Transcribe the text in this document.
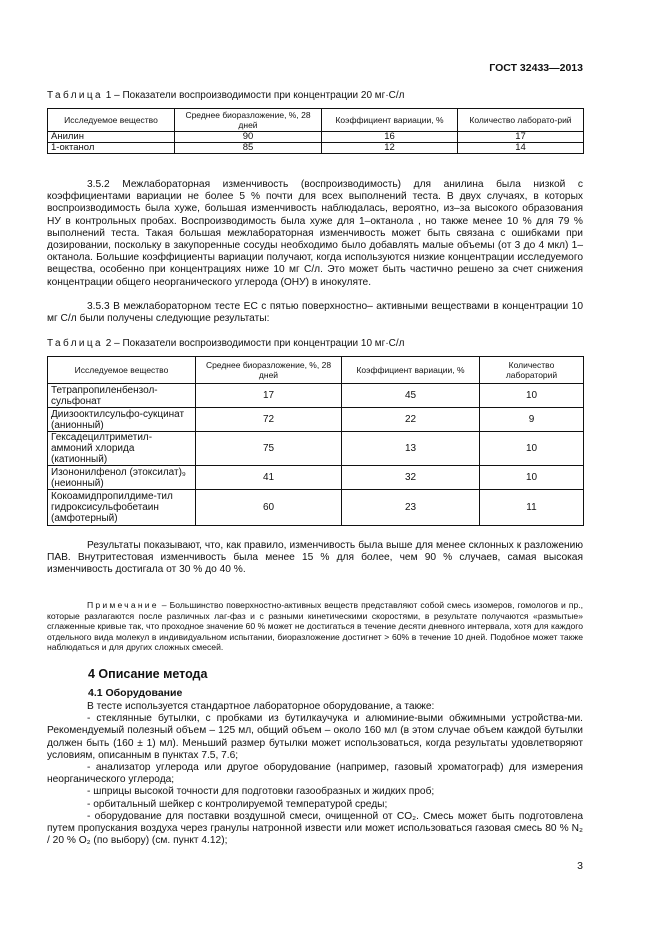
ГОСТ 32433—2013
Таблица 1 – Показатели воспроизводимости при концентрации 20 мг·С/л
Исследуемое вещество	Среднее биоразложение, %, 28 дней	Коэффициент вариации, %	Количество лаборато-рий
Анилин	90	16	17
1-октанол	85	12	14

3.5.2 Межлабораторная изменчивость (воспроизводимость) для анилина была низкой с коэффициентами вариации не более 5 % почти для всех выполнений теста. В двух случаях, в которых воспроизводимость была хуже, большая изменчивость наблюдалась, вероятно, из–за высокого образования НУ в контрольных пробах. Воспроизводимость была хуже для 1–октанола , но также менее 10 % для 79 % выполнений теста. Такая большая межлабораторная изменчивость может быть связана с ошибками при дозировании, поскольку в закупоренные сосуды необходимо было добавлять малые объемы (от 3 до 4 мкл) 1–октанола. Большие коэффициенты вариации получают, когда используются низкие концентрации исследуемого вещества, особенно при концентрациях ниже 10 мг С/л. Это может быть частично решено за счет снижения концентрации общего неорганического углерода (ОНУ) в инокуляте.

3.5.3 В межлабораторном тесте ЕС с пятью поверхностно– активными веществами в концентрации 10 мг С/л были получены следующие результаты:

Таблица 2 – Показатели воспроизводимости при концентрации 10 мг·С/л
Исследуемое вещество	Среднее биоразложение, %, 28 дней	Коэффициент вариации, %	Количество лабораторий
Тетрапропиленбензол-сульфонат	17	45	10
Диизооктилсульфо-сукцинат (анионный)	72	22	9
Гексадецилтриметил-аммоний хлорида (катионный)	75	13	10
Изононилфенол (этоксилат)₉ (неионный)	41	32	10
Кокоамидпропилдиме-тил гидроксисульфобетаин (амфотерный)	60	23	11

Результаты показывают, что, как правило, изменчивость была выше для менее склонных к разложению ПАВ. Внутритестовая изменчивость была менее 15 % для более, чем 90 % случаев, самая высокая изменчивость достигала от 30 % до 40 %.

Примечание – Большинство поверхностно-активных веществ представляют собой смесь изомеров, гомологов и пр., которые разлагаются после различных лаг-фаз и с разными кинетическими скоростями, в результате получаются «размытые» сглаженные кривые так, что проходное значение 60 % может не достигаться в течение десяти дневного интервала, хотя для каждого отдельного вида молекул в индивидуальном испытании, биоразложение достигнет > 60% в течение 10 дней. Подобное может также наблюдаться и для других сложных смесей.

4 Описание метода
4.1 Оборудование

В тесте используется стандартное лабораторное оборудование, а также:
- стеклянные бутылки, с пробками из бутилкаучука и алюминие-выми обжимными устройства-ми. Рекомендуемый полезный объем – 125 мл, общий объем – около 160 мл (в этом случае объем каждой бутылки должен быть (160 ± 1) мл). Меньший размер бутылки может использоваться, когда результаты удовлетворяют условиям, описанным в пунктах 7.5, 7.6;
- анализатор углерода или другое оборудование (например, газовый хроматограф) для измерения неорганического углерода;
- шприцы высокой точности для подготовки газообразных и жидких проб;
- орбитальный шейкер с контролируемой температурой среды;
- оборудование для поставки воздушной смеси, очищенной от CO₂. Смесь может быть подготовлена путем пропускания воздуха через гранулы натронной извести или может использоваться газовая смесь 80 % N₂ / 20 % O₂ (по выбору) (см. пункт 4.12);

3
